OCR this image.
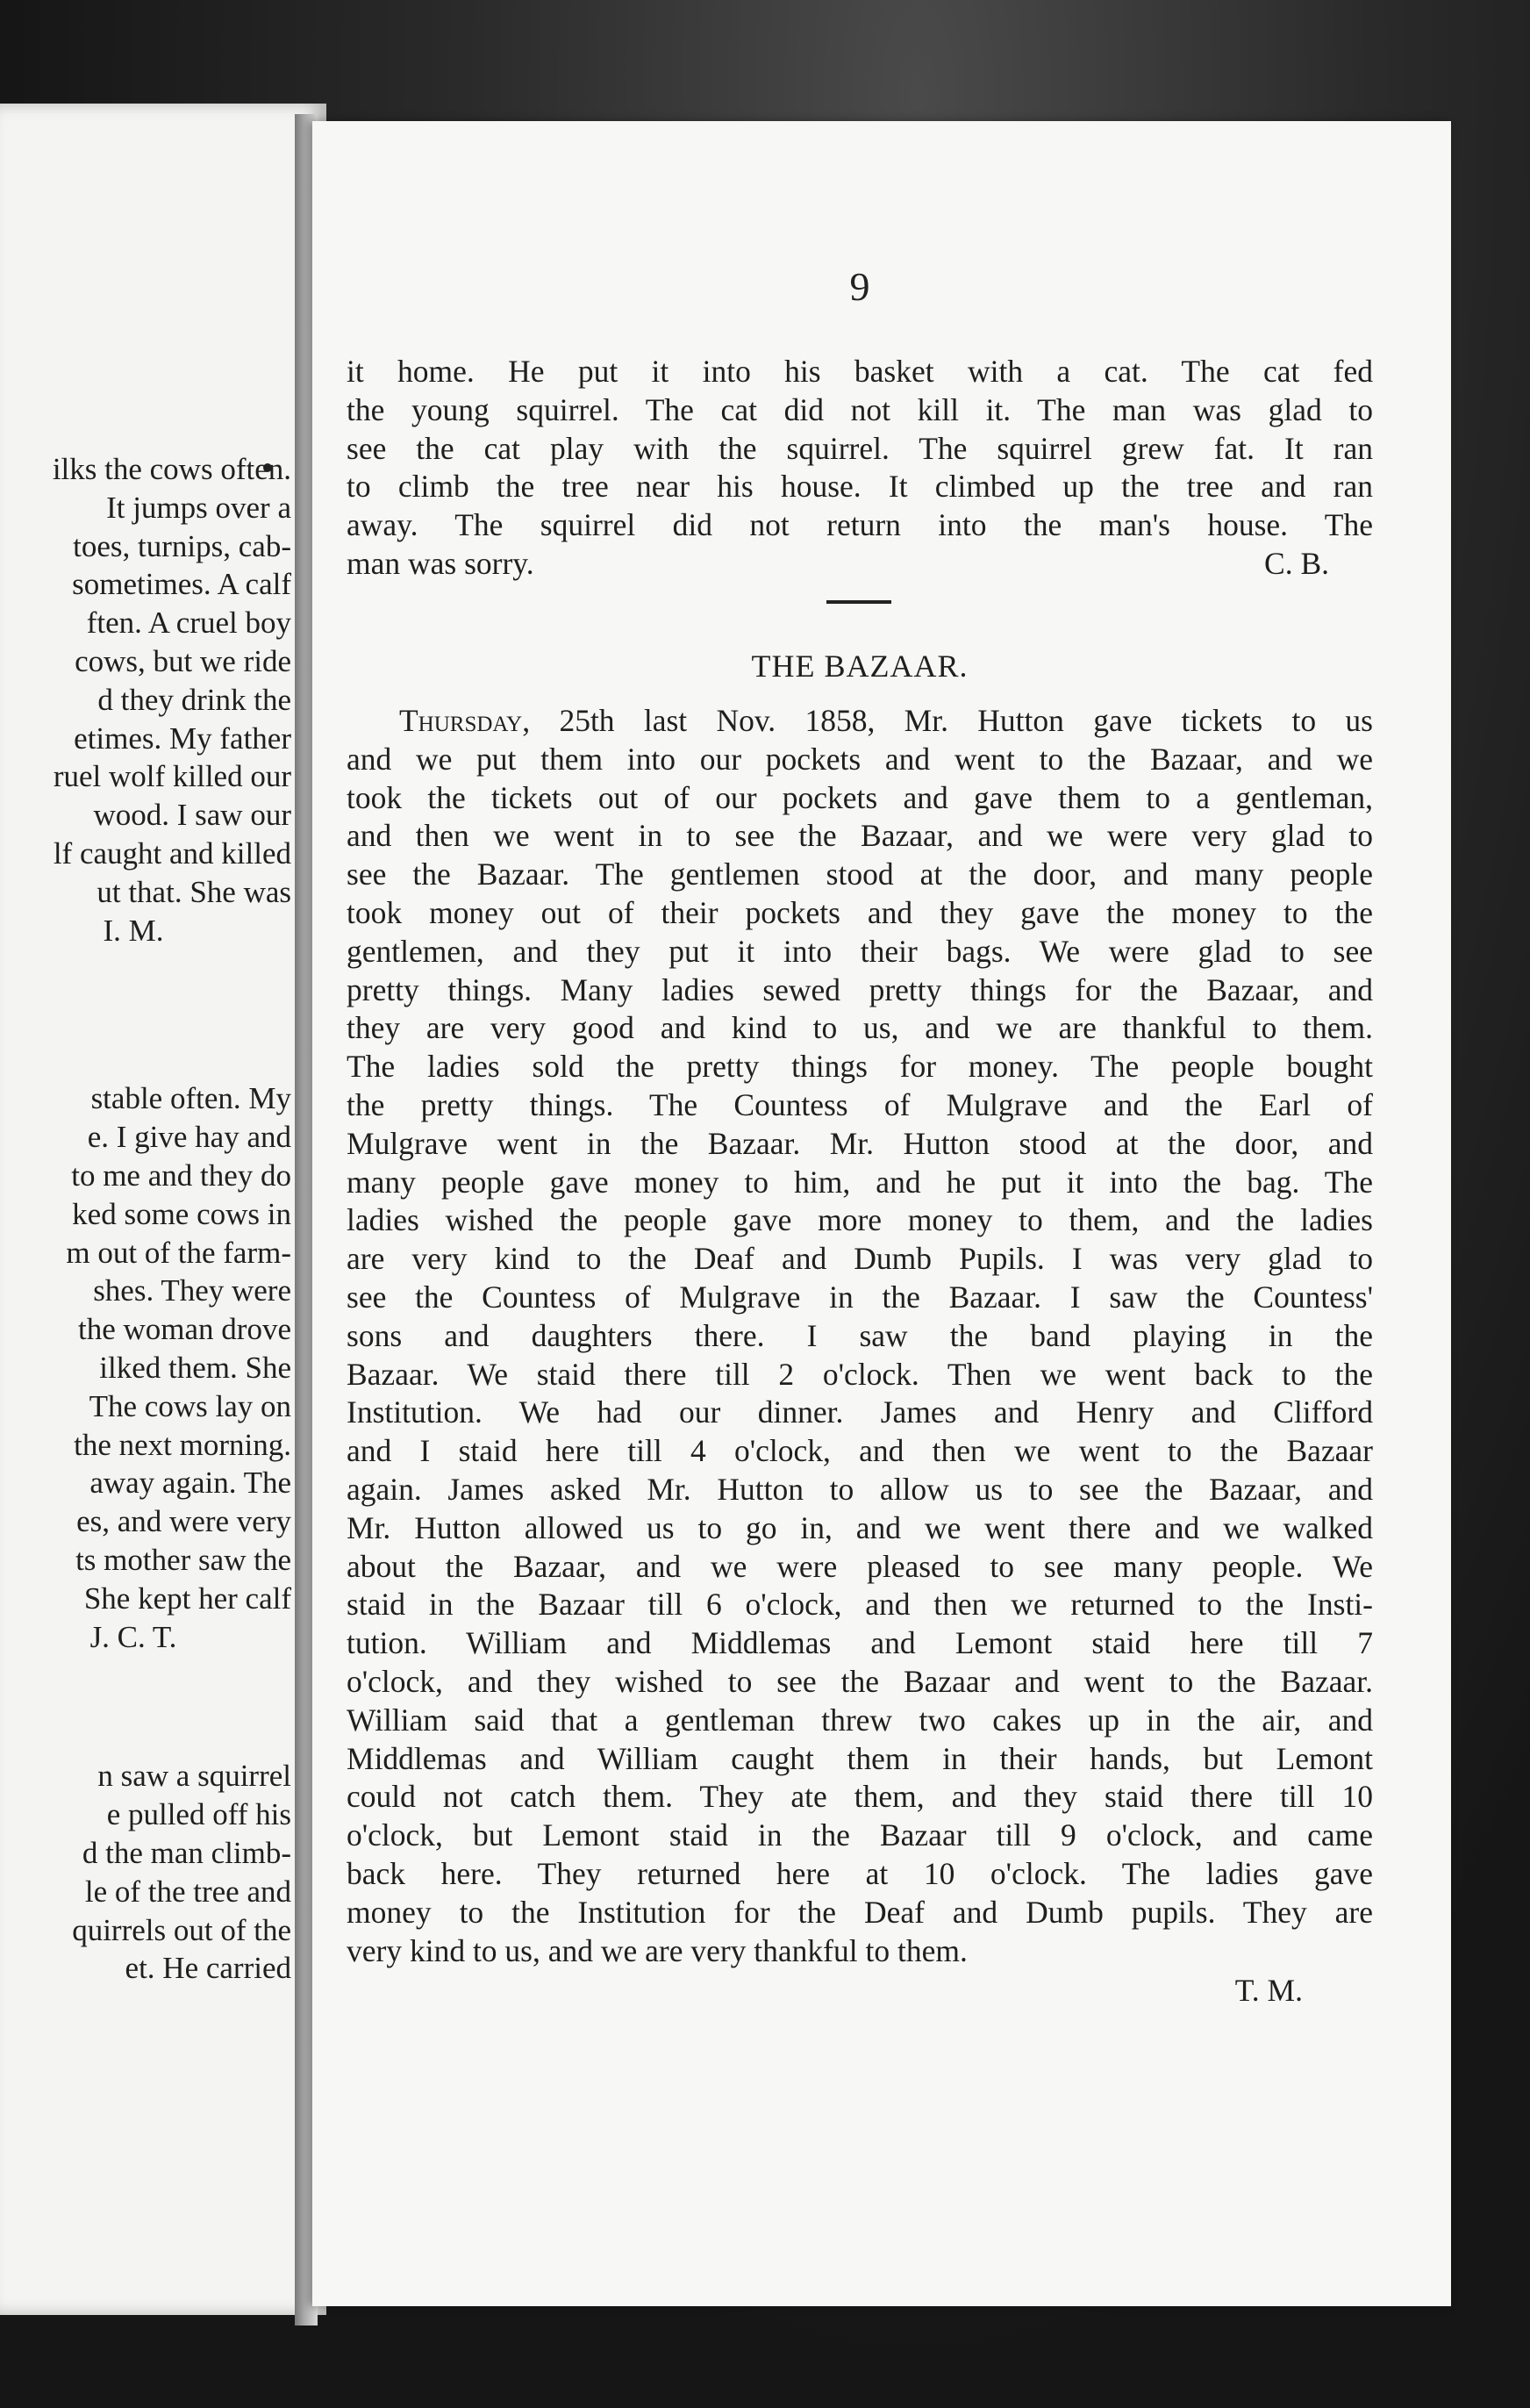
ilks the cows often.
It jumps over a
toes, turnips, cab-
sometimes. A calf
ften. A cruel boy
cows, but we ride
d they drink the
etimes. My father
ruel wolf killed our
wood. I saw our
lf caught and killed
ut that. She was
I. M.
stable often. My
e. I give hay and
to me and they do
ked some cows in
m out of the farm-
shes. They were
the woman drove
ilked them. She
The cows lay on
the next morning.
away again. The
es, and were very
ts mother saw the
She kept her calf
J. C. T.
n saw a squirrel
e pulled off his
d the man climb-
le of the tree and
quirrels out of the
et. He carried
9
it home. He put it into his basket with a cat. The cat fed
the young squirrel. The cat did not kill it. The man was glad to
see the cat play with the squirrel. The squirrel grew fat. It ran
to climb the tree near his house. It climbed up the tree and ran
away. The squirrel did not return into the man's house. The
man was sorry.	C. B.
THE BAZAAR.
Thursday, 25th last Nov. 1858, Mr. Hutton gave tickets to us
and we put them into our pockets and went to the Bazaar, and we
took the tickets out of our pockets and gave them to a gentleman,
and then we went in to see the Bazaar, and we were very glad to
see the Bazaar. The gentlemen stood at the door, and many people
took money out of their pockets and they gave the money to the
gentlemen, and they put it into their bags. We were glad to see
pretty things. Many ladies sewed pretty things for the Bazaar, and
they are very good and kind to us, and we are thankful to them.
The ladies sold the pretty things for money. The people bought
the pretty things. The Countess of Mulgrave and the Earl of
Mulgrave went in the Bazaar. Mr. Hutton stood at the door, and
many people gave money to him, and he put it into the bag. The
ladies wished the people gave more money to them, and the ladies
are very kind to the Deaf and Dumb Pupils. I was very glad to
see the Countess of Mulgrave in the Bazaar. I saw the Countess'
sons and daughters there. I saw the band playing in the
Bazaar. We staid there till 2 o'clock. Then we went back to the
Institution. We had our dinner. James and Henry and Clifford
and I staid here till 4 o'clock, and then we went to the Bazaar
again. James asked Mr. Hutton to allow us to see the Bazaar, and
Mr. Hutton allowed us to go in, and we went there and we walked
about the Bazaar, and we were pleased to see many people. We
staid in the Bazaar till 6 o'clock, and then we returned to the Insti-
tution. William and Middlemas and Lemont staid here till 7
o'clock, and they wished to see the Bazaar and went to the Bazaar.
William said that a gentleman threw two cakes up in the air, and
Middlemas and William caught them in their hands, but Lemont
could not catch them. They ate them, and they staid there till 10
o'clock, but Lemont staid in the Bazaar till 9 o'clock, and came
back here. They returned here at 10 o'clock. The ladies gave
money to the Institution for the Deaf and Dumb pupils. They are
very kind to us, and we are very thankful to them.
T. M.
